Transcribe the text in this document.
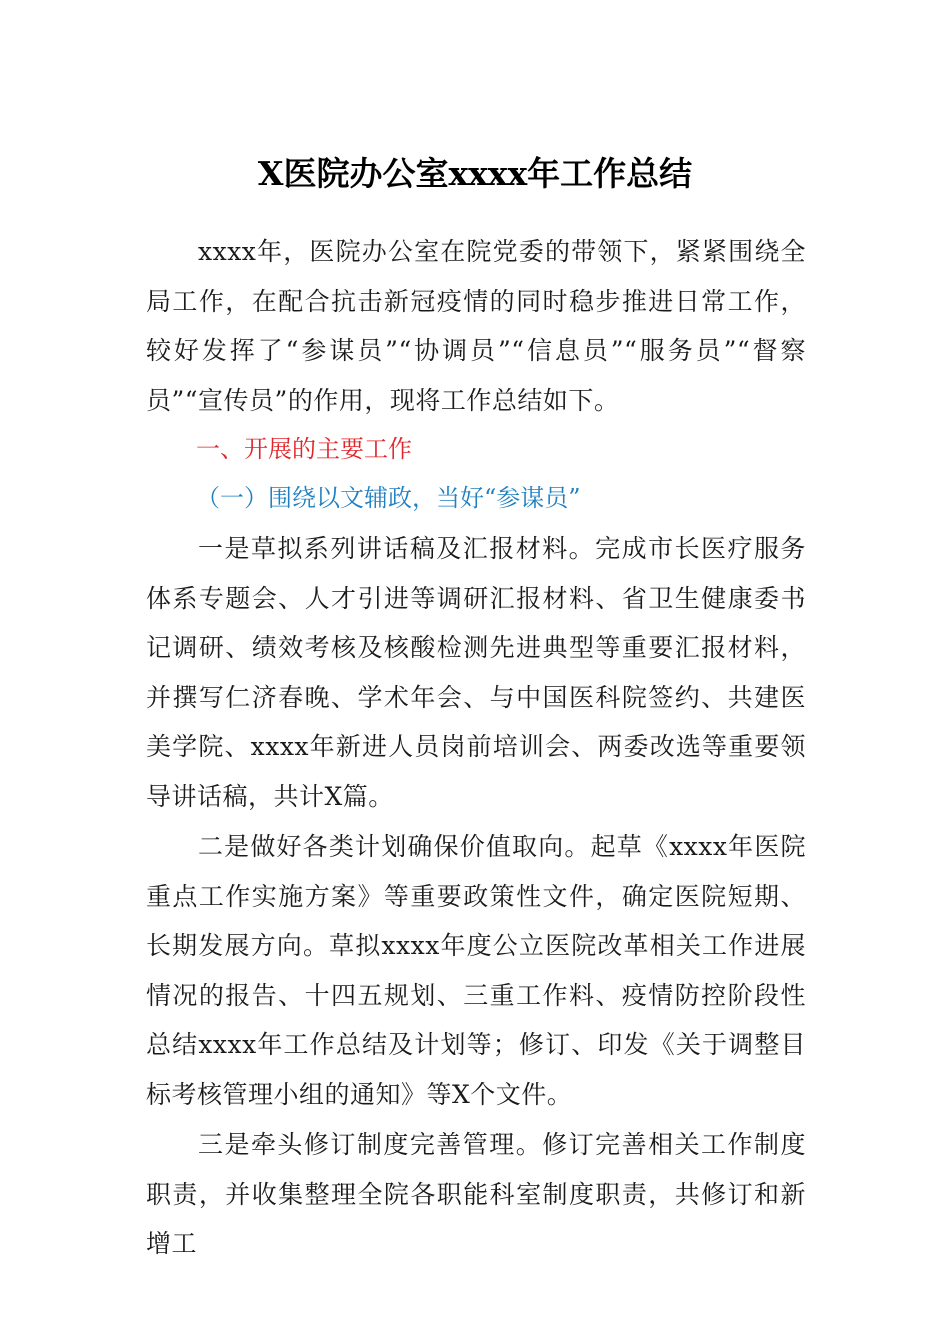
X医院办公室xxxx年工作总结

xxxx年，医院办公室在院党委的带领下，紧紧围绕全局工作，在配合抗击新冠疫情的同时稳步推进日常工作，较好发挥了“参谋员”“协调员”“信息员”“服务员”“督察员”“宣传员”的作用，现将工作总结如下。

一、开展的主要工作

（一）围绕以文辅政，当好“参谋员”

一是草拟系列讲话稿及汇报材料。完成市长医疗服务体系专题会、人才引进等调研汇报材料、省卫生健康委书记调研、绩效考核及核酸检测先进典型等重要汇报材料，并撰写仁济春晚、学术年会、与中国医科院签约、共建医美学院、xxxx年新进人员岗前培训会、两委改选等重要领导讲话稿，共计X篇。

二是做好各类计划确保价值取向。起草《xxxx年医院重点工作实施方案》等重要政策性文件，确定医院短期、长期发展方向。草拟xxxx年度公立医院改革相关工作进展情况的报告、十四五规划、三重工作料、疫情防控阶段性总结xxxx年工作总结及计划等；修订、印发《关于调整目标考核管理小组的通知》等X个文件。

三是牵头修订制度完善管理。修订完善相关工作制度职责，并收集整理全院各职能科室制度职责，共修订和新增工
